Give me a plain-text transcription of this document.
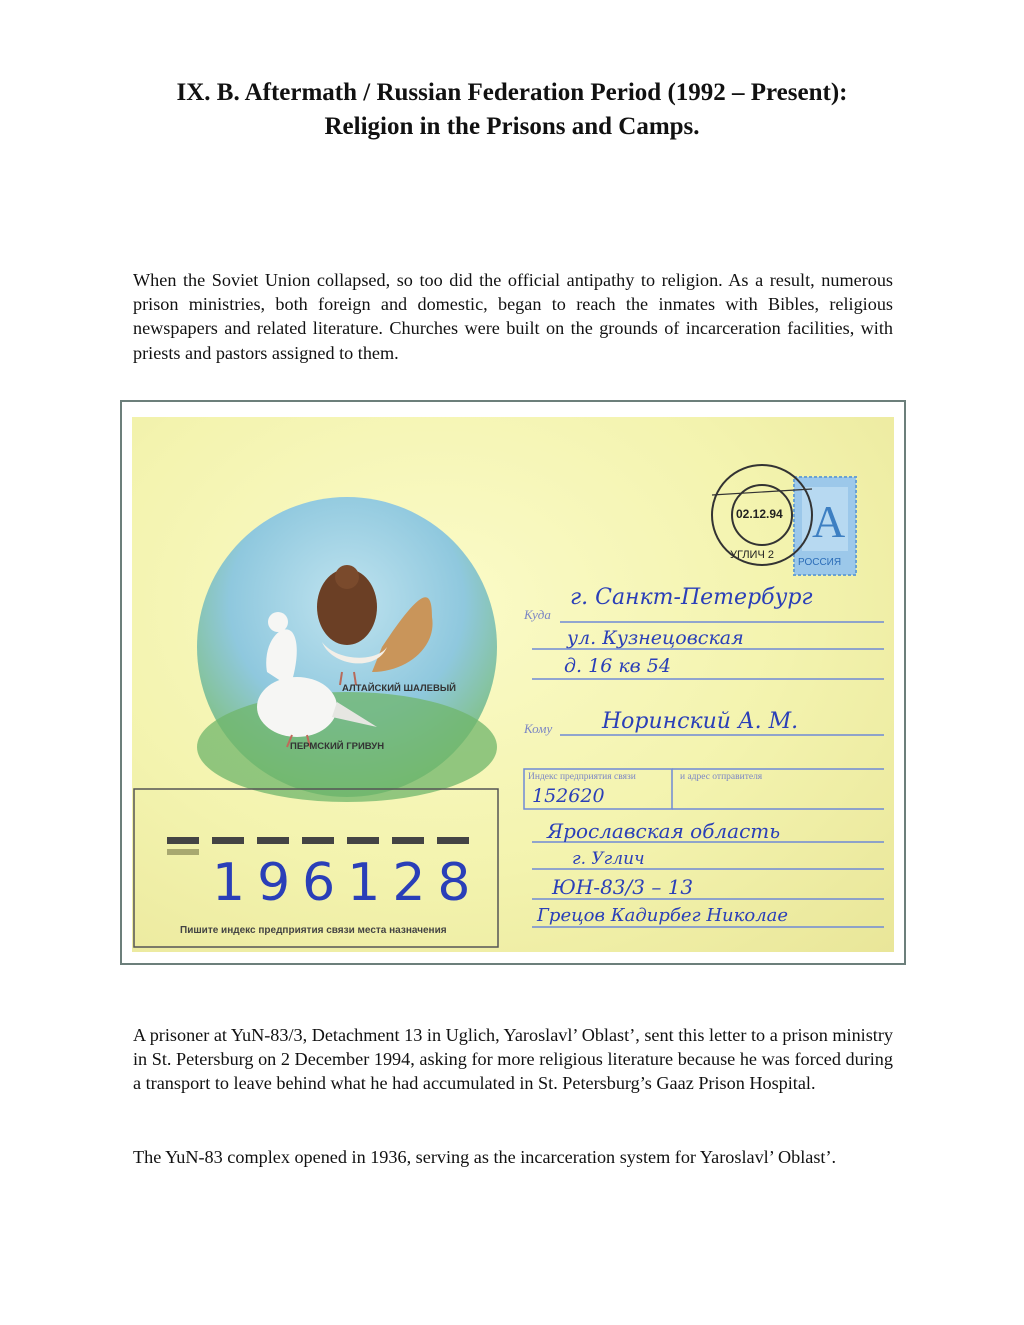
IX. B. Aftermath / Russian Federation Period (1992 – Present):
Religion in the Prisons and Camps.

When the Soviet Union collapsed, so too did the official antipathy to religion. As a result, numerous prison ministries, both foreign and domestic, began to reach the inmates with Bibles, religious newspapers and related literature. Churches were built on the grounds of incarceration facilities, with priests and pastors assigned to them.

A
АЛТАЙСКИЙ ШАЛЕВЫЙ
ПЕРМСКИЙ ГРИВУН
РОССИЯ
02.12.94
УГЛИЧ 2
Куда
Кому
Индекс предприятия связи	и адрес отправителя
г. Санкт-Петербург
ул. Кузнецовская
д. 16 кв 54
Норинский А. М.
152620
Ярославская область
г. Углич
ЮН-83/3 – 13
Грецов Кадирбег Николае
196128
Пишите индекс предприятия связи места назначения

A prisoner at YuN-83/3, Detachment 13 in Uglich, Yaroslavl’ Oblast’, sent this letter to a prison ministry in St. Petersburg on 2 December 1994, asking for more religious literature because he was forced during a transport to leave behind what he had accumulated in St. Petersburg’s Gaaz Prison Hospital.

The YuN-83 complex opened in 1936, serving as the incarceration system for Yaroslavl’ Oblast’.
